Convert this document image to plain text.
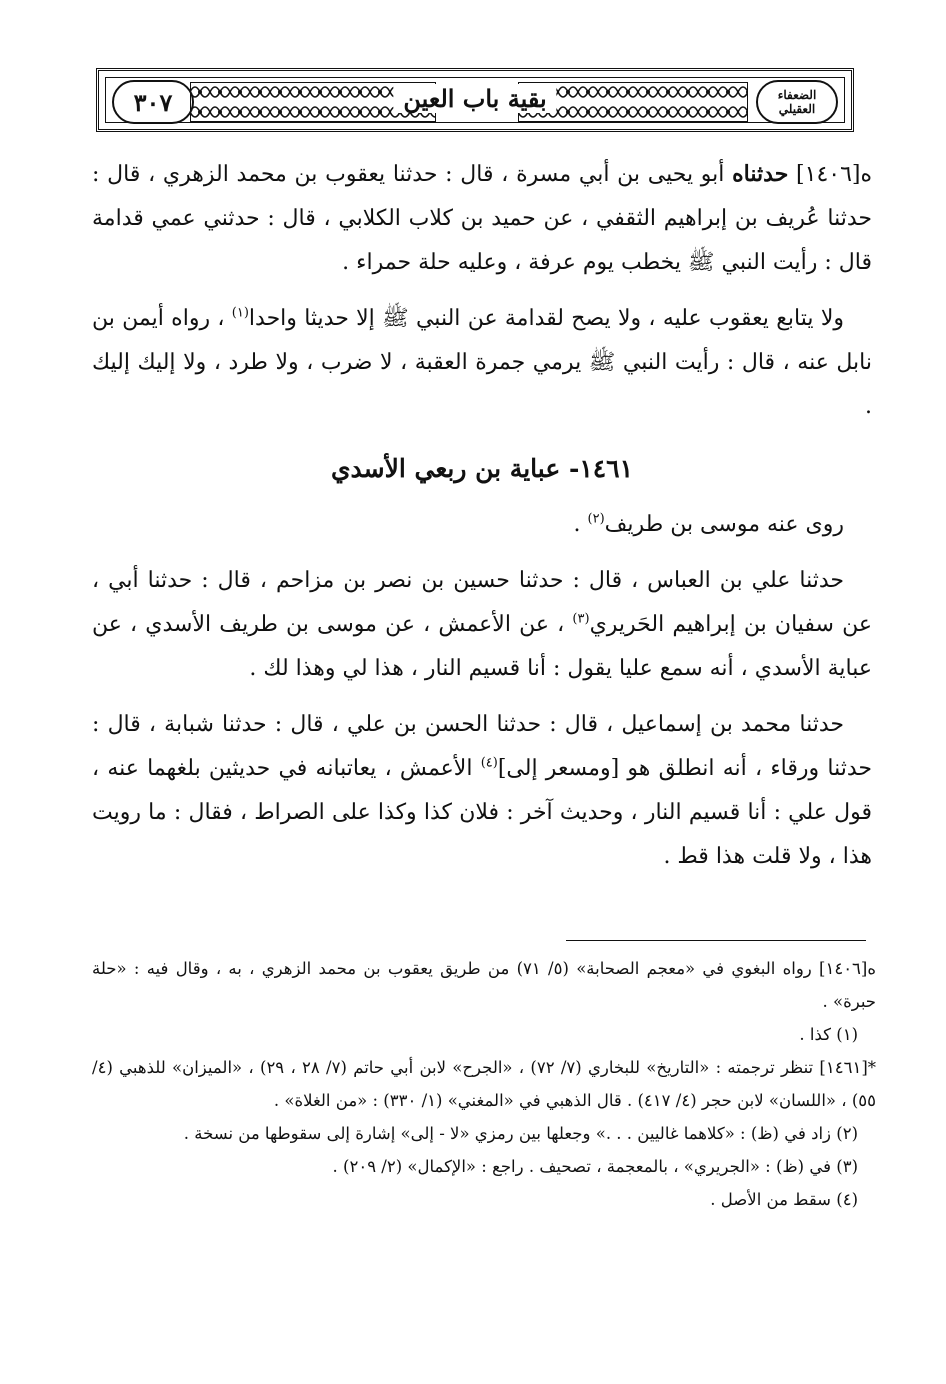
٣٠٧	الضعفاء
العقيلي
بقية باب العين

ه[١٤٠٦] حدثناه أبو يحيى بن أبي مسرة ، قال : حدثنا يعقوب بن محمد الزهري ، قال : حدثنا عُريف بن إبراهيم الثقفي ، عن حميد بن كلاب الكلابي ، قال : حدثني عمي قدامة قال : رأيت النبي ﷺ يخطب يوم عرفة ، وعليه حلة حمراء .

ولا يتابع يعقوب عليه ، ولا يصح لقدامة عن النبي ﷺ إلا حديثا واحدا$^{(١)}$ ، رواه أيمن بن نابل عنه ، قال : رأيت النبي ﷺ يرمي جمرة العقبة ، لا ضرب ، ولا طرد ، ولا إليك إليك .

١٤٦١- عباية بن ربعي الأسدي

روى عنه موسى بن طريف$^{(٢)}$ .

حدثنا علي بن العباس ، قال : حدثنا حسين بن نصر بن مزاحم ، قال : حدثنا أبي ، عن سفيان بن إبراهيم الحَريري$^{(٣)}$ ، عن الأعمش ، عن موسى بن طريف الأسدي ، عن عباية الأسدي ، أنه سمع عليا يقول : أنا قسيم النار ، هذا لي وهذا لك .

حدثنا محمد بن إسماعيل ، قال : حدثنا الحسن بن علي ، قال : حدثنا شبابة ، قال : حدثنا ورقاء ، أنه انطلق هو [ومسعر إلى]$^{(٤)}$ الأعمش ، يعاتبانه في حديثين بلغهما عنه ، قول علي : أنا قسيم النار ، وحديث آخر : فلان كذا وكذا على الصراط ، فقال : ما رويت هذا ، ولا قلت هذا قط .

ه[١٤٠٦] رواه البغوي في «معجم الصحابة» (٥/ ٧١) من طريق يعقوب بن محمد الزهري ، به ، وقال فيه : «حلة حبرة» .

(١) كذا .

*[١٤٦١] تنظر ترجمته : «التاريخ» للبخاري (٧/ ٧٢) ، «الجرح» لابن أبي حاتم (٧/ ٢٨ ، ٢٩) ، «الميزان» للذهبي (٤/ ٥٥) ، «اللسان» لابن حجر (٤/ ٤١٧) . قال الذهبي في «المغني» (١/ ٣٣٠) : «من الغلاة» .

(٢) زاد في (ظ) : «كلاهما غاليين . . .» وجعلها بين رمزي «لا - إلى» إشارة إلى سقوطها من نسخة .

(٣) في (ظ) : «الجريري» ، بالمعجمة ، تصحيف . راجع : «الإكمال» (٢/ ٢٠٩) .

(٤) سقط من الأصل .
